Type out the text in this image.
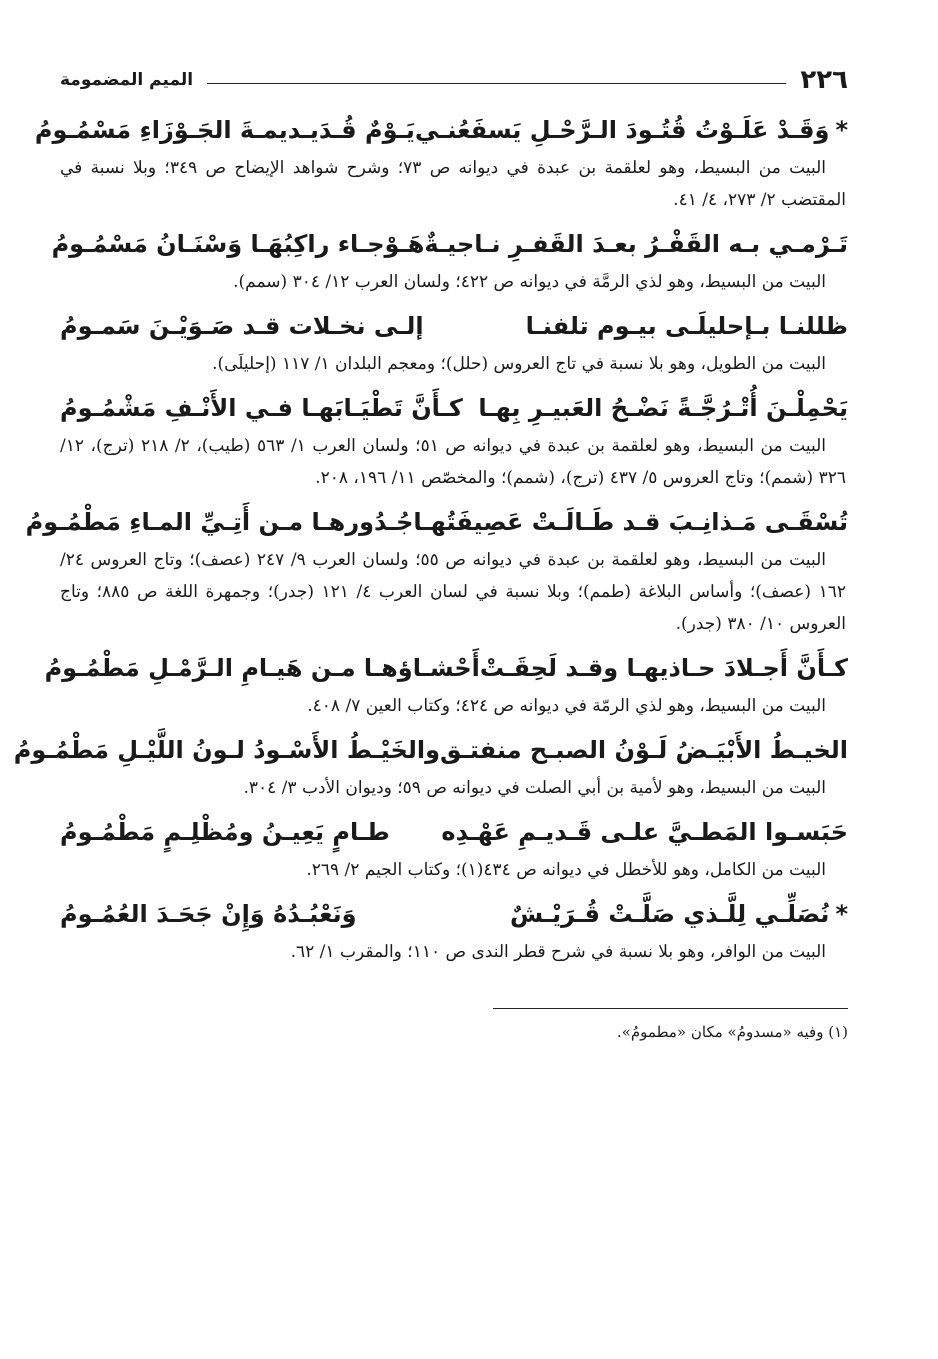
٢٢٦
الميم المضمومة
*وَقَـدْ عَلَـوْتُ قُتُـودَ الـرَّحْـلِ يَسفَعُنـي
يَـوْمٌ قُـدَيـديمـةَ الجَـوْزَاءِ مَسْمُـومُ
البيت من البسيط، وهو لعلقمة بن عبدة في ديوانه ص ٧٣؛ وشرح شواهد الإيضاح ص ٣٤٩؛ وبلا نسبة في المقتضب ٢/ ٢٧٣، ٤/ ٤١.
تَـرْمـي بـه القَفْـرُ بعـدَ القَفـرِ نـاجيـةٌ
هَـوْجـاء راكِبُهَـا وَسْنَـانُ مَسْمُـومُ
البيت من البسيط، وهو لذي الرمَّة في ديوانه ص ٤٢٢؛ ولسان العرب ١٢/ ٣٠٤ (سمم).
ظللنـا بـإحليلَـى بيـوم تلفنـا
إلـى نخـلات قـد صَـوَيْـنَ سَمـومُ
البيت من الطويل، وهو بلا نسبة في تاج العروس (حلل)؛ ومعجم البلدان ١/ ١١٧ (إحليلَى).
يَحْمِلْـنَ أُتْـرُجَّـةً نَضْـحُ العَبيـرِ بِهـا
كـأَنَّ تَطْيَـابَهـا فـي الأَنْـفِ مَشْمُـومُ
البيت من البسيط، وهو لعلقمة بن عبدة في ديوانه ص ٥١؛ ولسان العرب ١/ ٥٦٣ (طيب)، ٢/ ٢١٨ (ترج)، ١٢/ ٣٢٦ (شمم)؛ وتاج العروس ٥/ ٤٣٧ (ترج)، (شمم)؛ والمخصّص ١١/ ١٩٦، ٢٠٨.
تُسْقَـى مَـذانِـبَ قـد طَـالَـتْ عَصِيفَتُهـا
جُـدُورهـا مـن أَتِـيِّ المـاءِ مَطْمُـومُ
البيت من البسيط، وهو لعلقمة بن عبدة في ديوانه ص ٥٥؛ ولسان العرب ٩/ ٢٤٧ (عصف)؛ وتاج العروس ٢٤/ ١٦٢ (عصف)؛ وأساس البلاغة (طمم)؛ وبلا نسبة في لسان العرب ٤/ ١٢١ (جدر)؛ وجمهرة اللغة ص ٨٨٥؛ وتاج العروس ١٠/ ٣٨٠ (جدر).
كـأَنَّ أَجـلادَ حـاذيهـا وقـد لَحِقَـتْ
أَحْشـاؤهـا مـن هَيـامِ الـرَّمْـلِ مَطْمُـومُ
البيت من البسيط، وهو لذي الرمّة في ديوانه ص ٤٢٤؛ وكتاب العين ٧/ ٤٠٨.
الخيـطُ الأَبْيَـضُ لَـوْنُ الصبـح منفتـق
والخَيْـطُ الأَسْـودُ لـونُ اللَّيْـلِ مَطْمُـومُ
البيت من البسيط، وهو لأمية بن أبي الصلت في ديوانه ص ٥٩؛ وديوان الأدب ٣/ ٣٠٤.
حَبَسـوا المَطـيَّ علـى قَـديـمِ عَهْـدِه
طـامٍ يَعِيـنُ ومُظْلِـمٍ مَطْمُـومُ
البيت من الكامل، وهو للأخطل في ديوانه ص ٤٣٤(١)؛ وكتاب الجيم ٢/ ٢٦٩.
*نُصَلِّـي لِلَّـذي صَلَّـتْ قُـرَيْـشٌ
وَنَعْبُـدُهُ وَإِنْ جَحَـدَ العُمُـومُ
البيت من الوافر، وهو بلا نسبة في شرح قطر الندى ص ١١٠؛ والمقرب ١/ ٦٢.
(١) وفيه «مسدومُ» مكان «مطمومُ».
